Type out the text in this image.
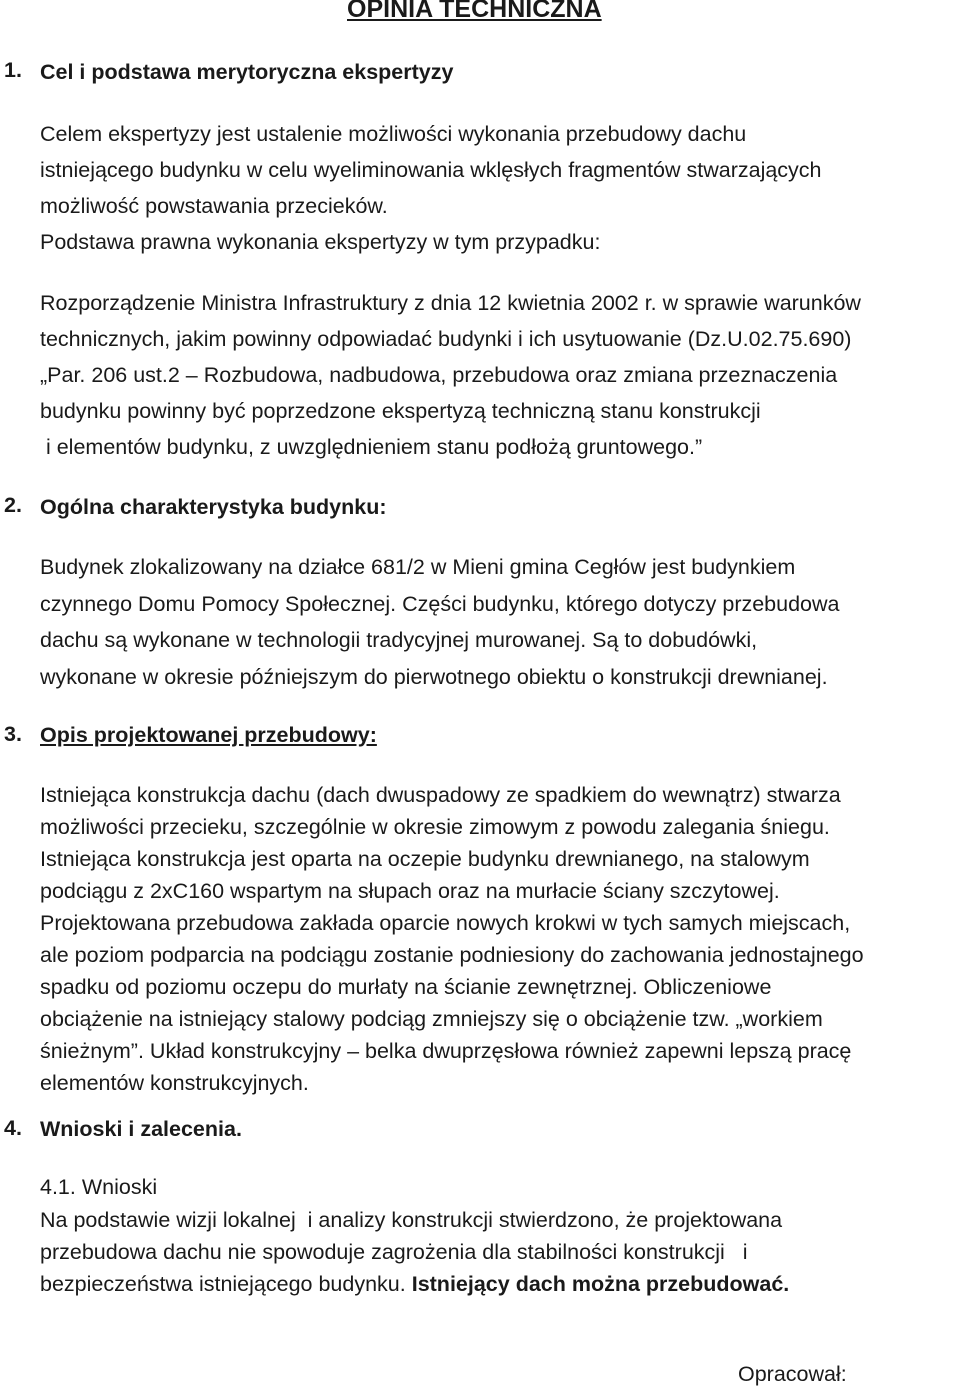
OPINIA TECHNICZNA
1. Cel i podstawa merytoryczna ekspertyzy
Celem ekspertyzy jest ustalenie możliwości wykonania przebudowy dachu
istniejącego budynku w celu wyeliminowania wklęsłych fragmentów stwarzających
możliwość powstawania przecieków.
Podstawa prawna wykonania ekspertyzy w tym przypadku:
Rozporządzenie Ministra Infrastruktury z dnia 12 kwietnia 2002 r. w sprawie warunków
technicznych, jakim powinny odpowiadać budynki i ich usytuowanie (Dz.U.02.75.690)
„Par. 206 ust.2 – Rozbudowa, nadbudowa, przebudowa oraz zmiana przeznaczenia
budynku powinny być poprzedzone ekspertyzą techniczną stanu konstrukcji
i elementów budynku, z uwzględnieniem stanu podłożą gruntowego.”
2. Ogólna charakterystyka budynku:
Budynek zlokalizowany na działce 681/2 w Mieni gmina Cegłów jest budynkiem
czynnego Domu Pomocy Społecznej. Części budynku, którego dotyczy przebudowa
dachu są wykonane w technologii tradycyjnej murowanej. Są to dobudówki,
wykonane w okresie późniejszym do pierwotnego obiektu o konstrukcji drewnianej.
3. Opis projektowanej przebudowy:
Istniejąca konstrukcja dachu (dach dwuspadowy ze spadkiem do wewnątrz) stwarza
możliwości przecieku, szczególnie w okresie zimowym z powodu zalegania śniegu.
Istniejąca konstrukcja jest oparta na oczepie budynku drewnianego, na stalowym
podciągu z 2xC160 wspartym na słupach oraz na murłacie ściany szczytowej.
Projektowana przebudowa zakłada oparcie nowych krokwi w tych samych miejscach,
ale poziom podparcia na podciągu zostanie podniesiony do zachowania jednostajnego
spadku od poziomu oczepu do murłaty na ścianie zewnętrznej. Obliczeniowe
obciążenie na istniejący stalowy podciąg zmniejszy się o obciążenie tzw. „workiem
śnieżnym”. Układ konstrukcyjny – belka dwuprzęsłowa również zapewni lepszą pracę
elementów konstrukcyjnych.
4. Wnioski i zalecenia.
4.1. Wnioski
Na podstawie wizji lokalnej  i analizy konstrukcji stwierdzono, że projektowana
przebudowa dachu nie spowoduje zagrożenia dla stabilności konstrukcji   i
bezpieczeństwa istniejącego budynku. Istniejący dach można przebudować.
Opracował:
